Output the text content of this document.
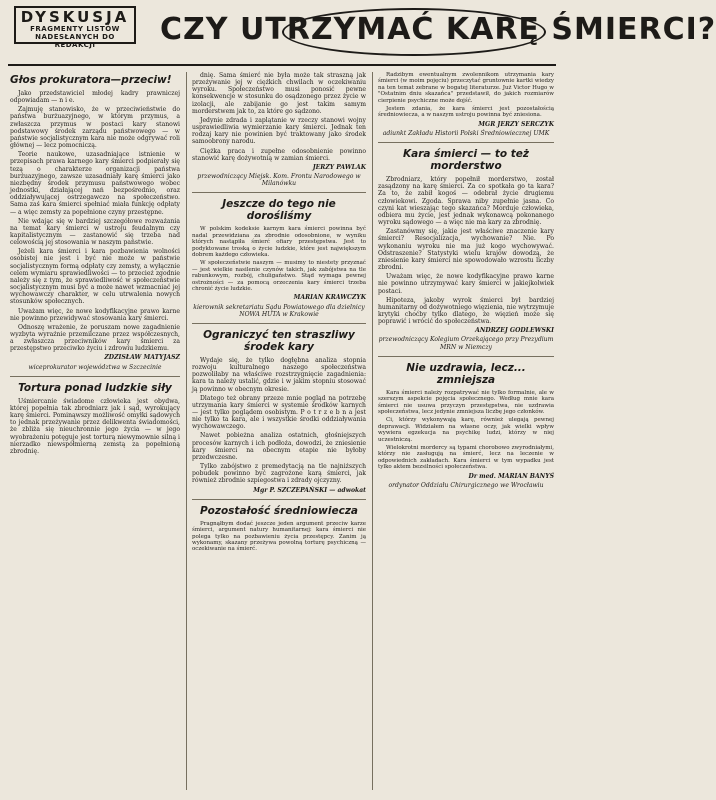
DYSKUSJA
FRAGMENTY LISTÓW
NADESŁANYCH DO REDAKCJI	CZY UTRZYMAĆ KARĘ ŚMIERCI?
Głos prokuratora—przeciw!

Jako przedstawiciel młodej kadry prawniczej odpowiadam — n i e.

Zajmuję stanowisko, że w przeciwieństwie do państwa burżuazyjnego, w którym przymus, a zwłaszcza przymus w postaci kary stanowi podstawowy środek zarządu państwowego — w państwie socjalistycznym kara nie może odgrywać roli głównej — lecz pomocniczą.

Teorie naukowe, uzasadniające istnienie w przepisach prawa karnego kary śmierci podpierały się tezą o charakterze organizacji państwa burżuazyjnego, zawsze uzasadniały karę śmierci jako niezbędny środek przymusu państwowego wobec jednostki, działającej nań bezpośrednio, oraz oddziaływującej ostrzegawczo na społeczeństwo. Sama zaś kara śmierci spełniać miała funkcję odpłaty — a więc zemsty za popełnione czyny przestępne.

Nie wdając się w bardziej szczegółowe rozważania na temat kary śmierci w ustroju feudalnym czy kapitalistycznym — zastanowić się trzeba nad celowością jej stosowania w naszym państwie.

Jeżeli kara śmierci i kara pozbawienia wolności osobistej nie jest i być nie może w państwie socjalistycznym formą odpłaty czy zemsty, a wyłącznie celem wymiaru sprawiedliwości — to przecież zgodnie należy się z tym, że sprawiedliwość w społeczeństwie socjalistycznym musi być a może nawet wzmacniać jej wychowawczy charakter, w celu utrwalenia nowych stosunków społecznych.

Uważam więc, że nowe kodyfikacyjne prawo karne nie powinno przewidywać stosowania kary śmierci.

Odnoszę wrażenie, że poruszam nowe zagadnienie wyzbyta wyraźnie przemilczane przez współczesnych, a zwłaszcza przeciwników kary śmierci za przestępstwo przeciwko życiu i zdrowiu ludzkiemu.

ZDZISŁAW MATYJASZ

wiceprokurator województwa w Szczecinie

Tortura ponad ludzkie siły

Uśmiercanie świadome człowieka jest obydwa, której popełnia tak zbrodniarz jak i sąd, wyrokujący karę śmierci. Pominąwszy możliwość omyłki sądowych to jednak przeżywanie przez delikwenta świadomości, że zbliża się nieuchronnie jego życia — w jego wyobrażeniu potęguje jest torturą niewymownie silną i nierzadko niewspółmierną zemstą za popełnioną zbrodnię.

dnię. Sama śmierć nie była może tak straszną jak przeżywanie jej w ciężkich chwilach w oczekiwaniu wyroku. Społeczeństwo musi ponosić pewne konsekwencje w stosunku do osądzonego przez życie w izolacji, ale zabijanie go jest takim samym morderstwem jak to, za które go sądzono.

Jedynie zdrada i zaplątanie w rzeczy stanowi wojny usprawiedliwia wymierzanie kary śmierci. Jednak ten rodzaj kary nie powinien być traktowany jako środek samoobrony narodu.

Ciężka praca i zupełne odosobnienie powinno stanowić karę dożywotnią w zamian śmierci.

JERZY PAWLAK

przewodniczący Miejsk. Kom. Frontu Narodowego w Milanówku

Jeszcze do tego nie dorośliśmy

W polskim kodeksie karnym kara śmierci powinna być nadal przewidziana za zbrodnie odosobnione, w wyniku których nastąpiła śmierć ofiary przestępstwa. Jest to podyktowane troską o życie ludzkie, które jest największym dobrem każdego człowieka.

W społeczeństwie naszym — musimy to niestety przyznać — jest wielkie nasilenie czynów takich, jak zabójstwa na tle rabunkowym, rozbój, chuligaństwo. Stąd wymaga pewnej ostrożności — za pomocą orzeczenia kary śmierci trzeba chronić życie ludzkie.

MARIAN KRAWCZYK

kierownik sekretariatu Sądu Powiatowego dla dzielnicy NOWA HUTA w Krakowie

Ograniczyć ten straszliwy środek kary

Wydaje się, że tylko dogłębna analiza stopnia rozwoju kulturalnego naszego społeczeństwa pozwoliłaby na właściwe rozstrzygnięcie zagadnienia: kara ta należy ustalić, gdzie i w jakim stopniu stosować ją powinno w obecnym okresie.

Dlatego też obrany przeze mnie pogląd na potrzebę utrzymania kary śmierci w systemie środków karnych — jest tylko poglądem osobistym. P o t r z e b n a jest nie tylko ta kara, ale i wszystkie środki oddziaływania wychowawczego.

Nawet pobieżna analiza ostatnich, głośniejszych procesów karnych i ich podłoża, dowodzi, że zniesienie kary śmierci na obecnym etapie nie byłoby przedwczesne.

Tylko zabójstwo z premedytacją na tle najniższych pobudek powinno być zagrożone karą śmierci, jak również zbrodnie szpiegostwa i zdrady ojczyzny.

Mgr P. SZCZEPAŃSKI — adwokat

Pozostałość średniowiecza

Pragnąłbym dodać jeszcze jeden argument przeciw karze śmierci, argument natury humanitarnej: kara śmierci nie polega tylko na pozbawieniu życia przestępcy. Zanim ją wykonamy, skazany przeżywa powolną torturę psychiczną — oczekiwanie na śmierć.

Radzibym ewentualnym zwolennikom utrzymania kary śmierci (w moim pojęciu) przeczytać gruntownie kartki wiedzy na ten temat zebrane w bogatej literaturze. Już Victor Hugo w "Ostatnim dniu skazańca" przedstawił, do jakich rozmiarów cierpienie psychiczne może dojść.

Jestem zdania, że kara śmierci jest pozostałością średniowiecza, a w naszym ustroju powinna być zniesiona.

MGR JERZY SERCZYK

adiunkt Zakładu Historii Polski Średniowiecznej UMK

Kara śmierci — to też morderstwo

Zbrodniarz, który popełnił morderstwo, został zasądzony na karę śmierci. Za co spotkała go ta kara? Za to, że zabił kogoś — odebrał życie drugiemu człowiekowi. Zgoda. Sprawa niby zupełnie jasna. Co czyni kat wieszając tego skazańca? Morduje człowieka, odbiera mu życie, jest jednak wykonawcą pokonanego wyroku sądowego — a więc nie ma kary za zbrodnię.

Zastanówmy się, jakie jest właściwe znaczenie kary śmierci? Resocjalizacja, wychowanie? Nie. Po wykonaniu wyroku nie ma już kogo wychowywać. Odstraszenie? Statystyki wielu krajów dowodzą, że zniesienie kary śmierci nie spowodowało wzrostu liczby zbrodni.

Uważam więc, że nowe kodyfikacyjne prawo karne nie powinno utrzymywać kary śmierci w jakiejkolwiek postaci.

Hipoteza, jakoby wyrok śmierci był bardziej humanitarny od dożywotniego więzienia, nie wytrzymuje krytyki choćby tylko dlatego, że więzień może się poprawić i wrócić do społeczeństwa.

ANDRZEJ GODLEWSKI

przewodniczący Kolegium Orzekającego przy Prezydium MRN w Niemczy

Nie uzdrawia, lecz... zmniejsza

Kara śmierci należy rozpatrywać nie tylko formalnie, ale w szerszym aspekcie pojęcia społecznego. Według mnie kara śmierci nie usuwa przyczyn przestępstwa, nie uzdrawia społeczeństwa, lecz jedynie zmniejsza liczbę jego członków.

Ci, którzy wykonywają karę, również ulegają pewnej deprawacji. Widziałem na własne oczy, jak wielki wpływ wywiera egzekucja na psychikę ludzi, którzy w niej uczestniczą.

Wielokrotni mordercy są typami chorobowo zwyrodniałymi, którzy nie zasługują na śmierć, lecz na leczenie w odpowiednich zakładach. Kara śmierci w tym wypadku jest tylko aktem bezsilności społeczeństwa.

Dr med. MARIAN BANYŚ

ordynator Oddziału Chirurgicznego we Wrocławiu
